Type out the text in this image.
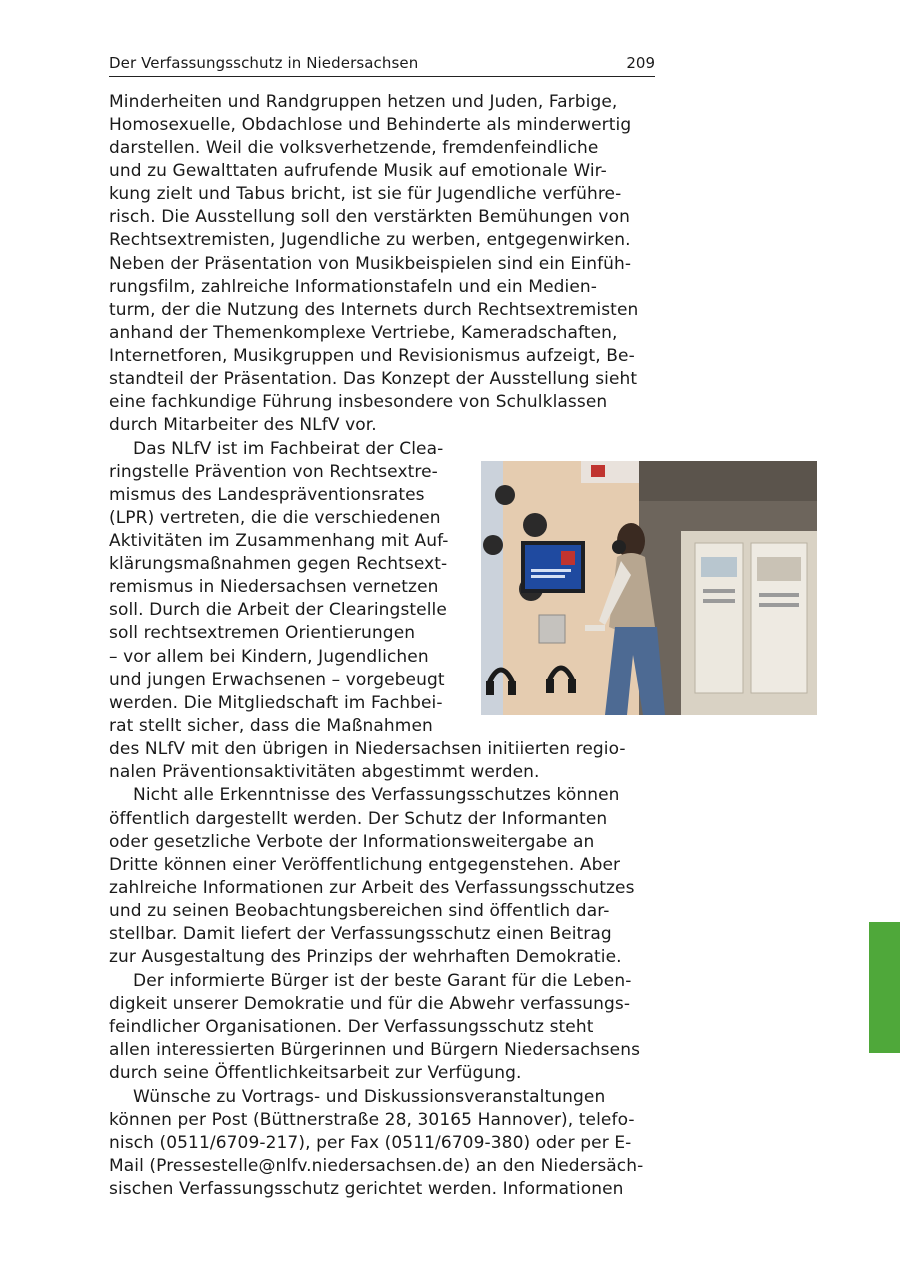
Der Verfassungsschutz in Niedersachsen	209
Minderheiten und Randgruppen hetzen und Juden, Farbige,
Homosexuelle, Obdachlose und Behinderte als minderwertig
darstellen. Weil die volksverhetzende, fremdenfeindliche
und zu Gewalttaten aufrufende Musik auf emotionale Wir-
kung zielt und Tabus bricht, ist sie für Jugendliche verführe-
risch. Die Ausstellung soll den verstärkten Bemühungen von
Rechtsextremisten, Jugendliche zu werben, entgegenwirken.
Neben der Präsentation von Musikbeispielen sind ein Einfüh-
rungsfilm, zahlreiche Informationstafeln und ein Medien-
turm, der die Nutzung des Internets durch Rechtsextremisten
anhand der Themenkomplexe Vertriebe, Kameradschaften,
Internetforen, Musikgruppen und Revisionismus aufzeigt, Be-
standteil der Präsentation. Das Konzept der Ausstellung sieht
eine fachkundige Führung insbesondere von Schulklassen
durch Mitarbeiter des NLfV vor.
Das NLfV ist im Fachbeirat der Clea-
ringstelle Prävention von Rechtsextre-
mismus des Landespräventionsrates
(LPR) vertreten, die die verschiedenen
Aktivitäten im Zusammenhang mit Auf-
klärungsmaßnahmen gegen Rechtsext-
remismus in Niedersachsen vernetzen
soll. Durch die Arbeit der Clearingstelle
soll rechtsextremen Orientierungen
– vor allem bei Kindern, Jugendlichen
und jungen Erwachsenen – vorgebeugt
werden. Die Mitgliedschaft im Fachbei-
rat stellt sicher, dass die Maßnahmen
des NLfV mit den übrigen in Niedersachsen initiierten regio-
nalen Präventionsaktivitäten abgestimmt werden.
Nicht alle Erkenntnisse des Verfassungsschutzes können
öffentlich dargestellt werden. Der Schutz der Informanten
oder gesetzliche Verbote der Informationsweitergabe an
Dritte können einer Veröffentlichung entgegenstehen. Aber
zahlreiche Informationen zur Arbeit des Verfassungsschutzes
und zu seinen Beobachtungsbereichen sind öffentlich dar-
stellbar. Damit liefert der Verfassungsschutz einen Beitrag
zur Ausgestaltung des Prinzips der wehrhaften Demokratie.
Der informierte Bürger ist der beste Garant für die Leben-
digkeit unserer Demokratie und für die Abwehr verfassungs-
feindlicher Organisationen. Der Verfassungsschutz steht
allen interessierten Bürgerinnen und Bürgern Niedersachsens
durch seine Öffentlichkeitsarbeit zur Verfügung.
Wünsche zu Vortrags- und Diskussionsveranstaltungen
können per Post (Büttnerstraße 28, 30165 Hannover), telefo-
nisch (0511/6709-217), per Fax (0511/6709-380) oder per E-
Mail (Pressestelle@nlfv.niedersachsen.de) an den Niedersäch-
sischen Verfassungsschutz gerichtet werden. Informationen
